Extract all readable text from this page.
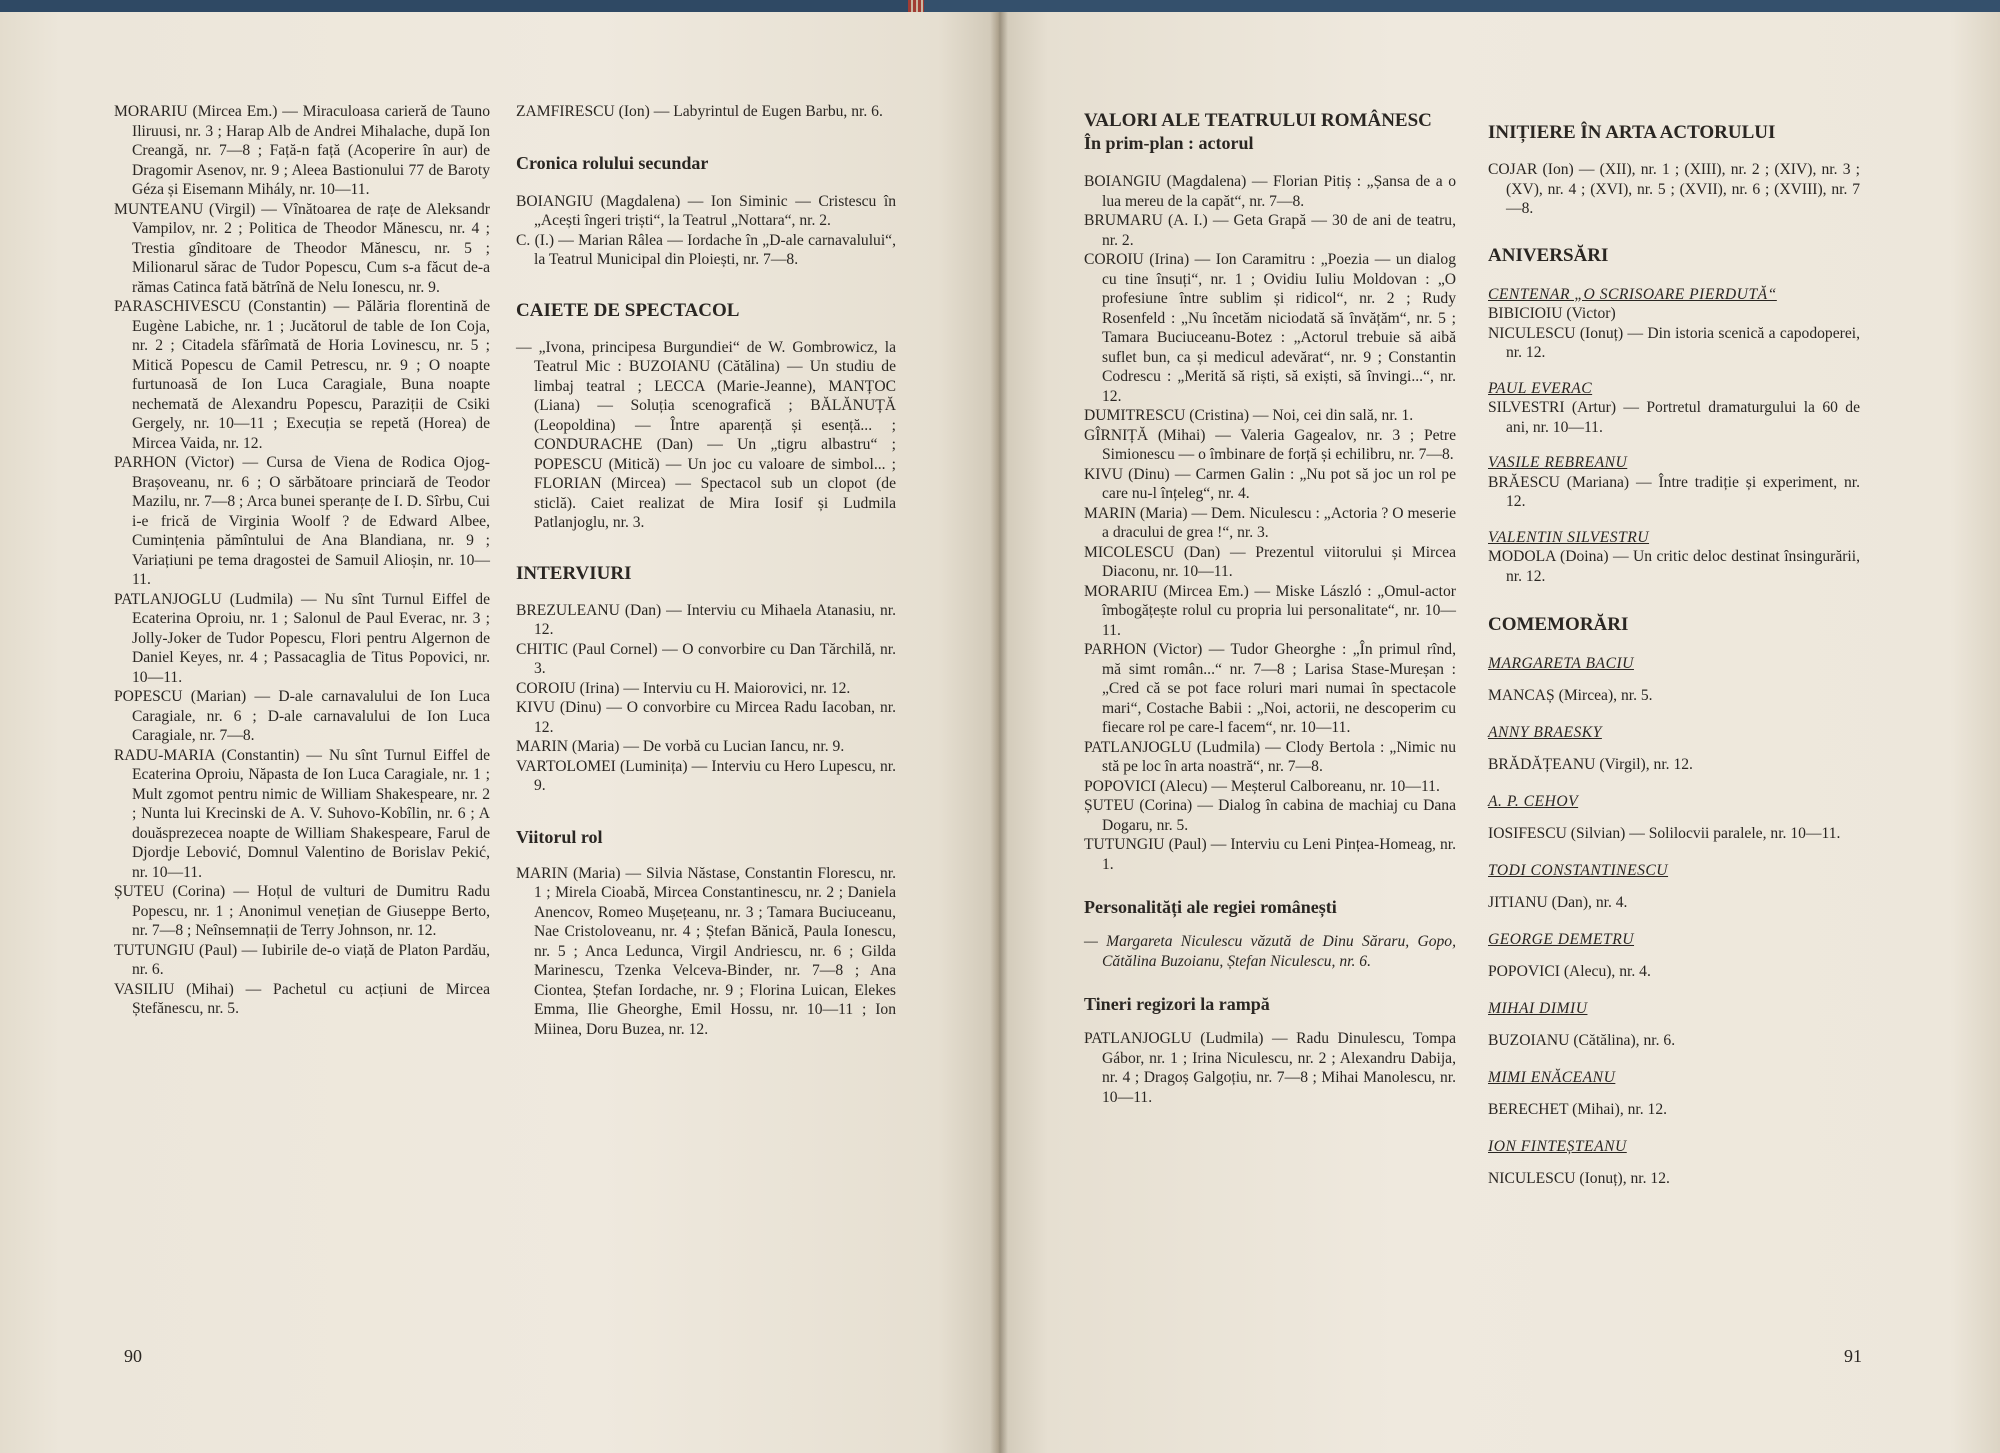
MORARIU (Mircea Em.) — Miraculoasa carieră de Tauno Iliruusi, nr. 3 ; Harap Alb de Andrei Mihalache, după Ion Creangă, nr. 7—8 ; Față-n față (Acoperire în aur) de Dragomir Asenov, nr. 9 ; Aleea Bastionului 77 de Baroty Géza și Eisemann Mihály, nr. 10—11.

MUNTEANU (Virgil) — Vînătoarea de rațe de Aleksandr Vampilov, nr. 2 ; Politica de Theodor Mănescu, nr. 4 ; Trestia gînditoare de Theodor Mănescu, nr. 5 ; Milionarul sărac de Tudor Popescu, Cum s-a făcut de-a rămas Catinca fată bătrînă de Nelu Ionescu, nr. 9.

PARASCHIVESCU (Constantin) — Pălăria florentină de Eugène Labiche, nr. 1 ; Jucătorul de table de Ion Coja, nr. 2 ; Citadela sfărîmată de Horia Lovinescu, nr. 5 ; Mitică Popescu de Camil Petrescu, nr. 9 ; O noapte furtunoasă de Ion Luca Caragiale, Buna noapte nechemată de Alexandru Popescu, Paraziții de Csiki Gergely, nr. 10—11 ; Execuția se repetă (Horea) de Mircea Vaida, nr. 12.

PARHON (Victor) — Cursa de Viena de Rodica Ojog-Brașoveanu, nr. 6 ; O sărbătoare princiară de Teodor Mazilu, nr. 7—8 ; Arca bunei speranțe de I. D. Sîrbu, Cui i-e frică de Virginia Woolf ? de Edward Albee, Cumințenia pămîntului de Ana Blandiana, nr. 9 ; Variațiuni pe tema dragostei de Samuil Alioșin, nr. 10—11.

PATLANJOGLU (Ludmila) — Nu sînt Turnul Eiffel de Ecaterina Oproiu, nr. 1 ; Salonul de Paul Everac, nr. 3 ; Jolly-Joker de Tudor Popescu, Flori pentru Algernon de Daniel Keyes, nr. 4 ; Passacaglia de Titus Popovici, nr. 10—11.

POPESCU (Marian) — D-ale carnavalului de Ion Luca Caragiale, nr. 6 ; D-ale carnavalului de Ion Luca Caragiale, nr. 7—8.

RADU-MARIA (Constantin) — Nu sînt Turnul Eiffel de Ecaterina Oproiu, Năpasta de Ion Luca Caragiale, nr. 1 ; Mult zgomot pentru nimic de William Shakespeare, nr. 2 ; Nunta lui Krecinski de A. V. Suhovo-Kobîlin, nr. 6 ; A douăsprezecea noapte de William Shakespeare, Farul de Djordje Lebović, Domnul Valentino de Borislav Pekić, nr. 10—11.

ȘUTEU (Corina) — Hoțul de vulturi de Dumitru Radu Popescu, nr. 1 ; Anonimul venețian de Giuseppe Berto, nr. 7—8 ; Neînsemnații de Terry Johnson, nr. 12.

TUTUNGIU (Paul) — Iubirile de-o viață de Platon Pardău, nr. 6.

VASILIU (Mihai) — Pachetul cu acțiuni de Mircea Ștefănescu, nr. 5.

ZAMFIRESCU (Ion) — Labyrintul de Eugen Barbu, nr. 6.

Cronica rolului secundar

BOIANGIU (Magdalena) — Ion Siminic — Cristescu în „Acești îngeri triști“, la Teatrul „Nottara“, nr. 2.

C. (I.) — Marian Râlea — Iordache în „D-ale carnavalului“, la Teatrul Municipal din Ploiești, nr. 7—8.

CAIETE DE SPECTACOL

— „Ivona, principesa Burgundiei“ de W. Gombrowicz, la Teatrul Mic : BUZOIANU (Cătălina) — Un studiu de limbaj teatral ; LECCA (Marie-Jeanne), MANȚOC (Liana) — Soluția scenografică ; BĂLĂNUȚĂ (Leopoldina) — Între aparență și esență... ; CONDURACHE (Dan) — Un „tigru albastru“ ; POPESCU (Mitică) — Un joc cu valoare de simbol... ; FLORIAN (Mircea) — Spectacol sub un clopot (de sticlă). Caiet realizat de Mira Iosif și Ludmila Patlanjoglu, nr. 3.

INTERVIURI

BREZULEANU (Dan) — Interviu cu Mihaela Atanasiu, nr. 12.

CHITIC (Paul Cornel) — O convorbire cu Dan Tărchilă, nr. 3.

COROIU (Irina) — Interviu cu H. Maiorovici, nr. 12.

KIVU (Dinu) — O convorbire cu Mircea Radu Iacoban, nr. 12.

MARIN (Maria) — De vorbă cu Lucian Iancu, nr. 9.

VARTOLOMEI (Luminița) — Interviu cu Hero Lupescu, nr. 9.

Viitorul rol

MARIN (Maria) — Silvia Năstase, Constantin Florescu, nr. 1 ; Mirela Cioabă, Mircea Constantinescu, nr. 2 ; Daniela Anencov, Romeo Mușețeanu, nr. 3 ; Tamara Buciuceanu, Nae Cristoloveanu, nr. 4 ; Ștefan Bănică, Paula Ionescu, nr. 5 ; Anca Ledunca, Virgil Andriescu, nr. 6 ; Gilda Marinescu, Tzenka Velceva-Binder, nr. 7—8 ; Ana Ciontea, Ștefan Iordache, nr. 9 ; Florina Luican, Elekes Emma, Ilie Gheorghe, Emil Hossu, nr. 10—11 ; Ion Miinea, Doru Buzea, nr. 12.

90

VALORI ALE TEATRULUI ROMÂNESC

În prim-plan : actorul

BOIANGIU (Magdalena) — Florian Pitiș : „Șansa de a o lua mereu de la capăt“, nr. 7—8.

BRUMARU (A. I.) — Geta Grapă — 30 de ani de teatru, nr. 2.

COROIU (Irina) — Ion Caramitru : „Poezia — un dialog cu tine însuți“, nr. 1 ; Ovidiu Iuliu Moldovan : „O profesiune între sublim și ridicol“, nr. 2 ; Rudy Rosenfeld : „Nu încetăm niciodată să învățăm“, nr. 5 ; Tamara Buciuceanu-Botez : „Actorul trebuie să aibă suflet bun, ca și medicul adevărat“, nr. 9 ; Constantin Codrescu : „Merită să riști, să exiști, să învingi...“, nr. 12.

DUMITRESCU (Cristina) — Noi, cei din sală, nr. 1.

GÎRNIȚĂ (Mihai) — Valeria Gagealov, nr. 3 ; Petre Simionescu — o îmbinare de forță și echilibru, nr. 7—8.

KIVU (Dinu) — Carmen Galin : „Nu pot să joc un rol pe care nu-l înțeleg“, nr. 4.

MARIN (Maria) — Dem. Niculescu : „Actoria ? O meserie a dracului de grea !“, nr. 3.

MICOLESCU (Dan) — Prezentul viitorului și Mircea Diaconu, nr. 10—11.

MORARIU (Mircea Em.) — Miske László : „Omul-actor îmbogățește rolul cu propria lui personalitate“, nr. 10—11.

PARHON (Victor) — Tudor Gheorghe : „În primul rînd, mă simt român...“ nr. 7—8 ; Larisa Stase-Mureșan : „Cred că se pot face roluri mari numai în spectacole mari“, Costache Babii : „Noi, actorii, ne descoperim cu fiecare rol pe care-l facem“, nr. 10—11.

PATLANJOGLU (Ludmila) — Clody Bertola : „Nimic nu stă pe loc în arta noastră“, nr. 7—8.

POPOVICI (Alecu) — Meșterul Calboreanu, nr. 10—11.

ȘUTEU (Corina) — Dialog în cabina de machiaj cu Dana Dogaru, nr. 5.

TUTUNGIU (Paul) — Interviu cu Leni Pințea-Homeag, nr. 1.

Personalități ale regiei românești

— Margareta Niculescu văzută de Dinu Săraru, Gopo, Cătălina Buzoianu, Ștefan Niculescu, nr. 6.

Tineri regizori la rampă

PATLANJOGLU (Ludmila) — Radu Dinulescu, Tompa Gábor, nr. 1 ; Irina Niculescu, nr. 2 ; Alexandru Dabija, nr. 4 ; Dragoș Galgoțiu, nr. 7—8 ; Mihai Manolescu, nr. 10—11.

INIȚIERE ÎN ARTA ACTORULUI

COJAR (Ion) — (XII), nr. 1 ; (XIII), nr. 2 ; (XIV), nr. 3 ; (XV), nr. 4 ; (XVI), nr. 5 ; (XVII), nr. 6 ; (XVIII), nr. 7—8.

ANIVERSĂRI

CENTENAR „O SCRISOARE PIERDUTĂ“

BIBICIOIU (Victor)

NICULESCU (Ionuț) — Din istoria scenică a capodoperei, nr. 12.

PAUL EVERAC

SILVESTRI (Artur) — Portretul dramaturgului la 60 de ani, nr. 10—11.

VASILE REBREANU

BRĂESCU (Mariana) — Între tradiție și experiment, nr. 12.

VALENTIN SILVESTRU

MODOLA (Doina) — Un critic deloc destinat însingurării, nr. 12.

COMEMORĂRI

MARGARETA BACIU

MANCAȘ (Mircea), nr. 5.

ANNY BRAESKY

BRĂDĂȚEANU (Virgil), nr. 12.

A. P. CEHOV

IOSIFESCU (Silvian) — Solilocvii paralele, nr. 10—11.

TODI CONSTANTINESCU

JITIANU (Dan), nr. 4.

GEORGE DEMETRU

POPOVICI (Alecu), nr. 4.

MIHAI DIMIU

BUZOIANU (Cătălina), nr. 6.

MIMI ENĂCEANU

BERECHET (Mihai), nr. 12.

ION FINTEȘTEANU

NICULESCU (Ionuț), nr. 12.

91
